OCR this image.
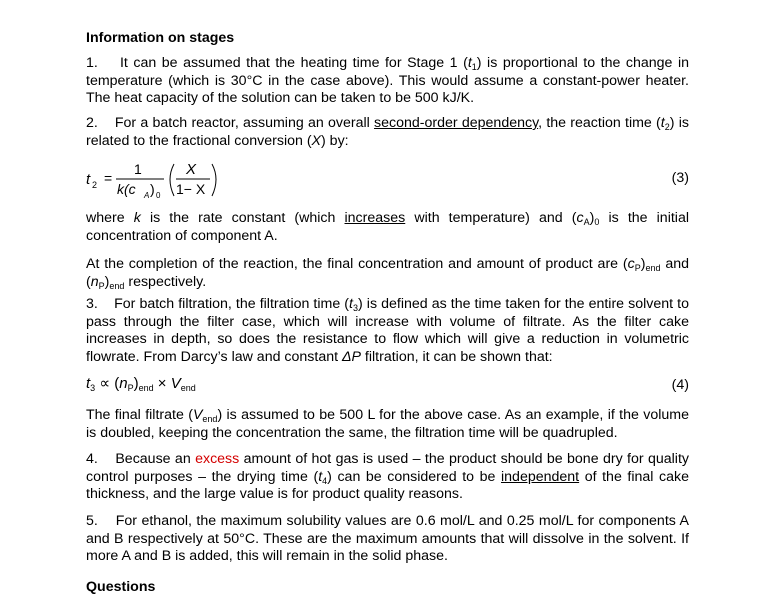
Information on stages

1. It can be assumed that the heating time for Stage 1 $(t_1)$ is proportional to the change in temperature (which is 30°C in the case above). This would assume a constant-power heater. The heat capacity of the solution can be taken to be 500 kJ/K.

2. For a batch reactor, assuming an overall second-order dependency, the reaction time $(t_2)$ is related to the fractional conversion (X) by:

t 2 =
1
k(c A ) 0
X
1− X
(3)

where k is the rate constant (which increases with temperature) and $(c_A)_0$ is the initial concentration of component A.

At the completion of the reaction, the final concentration and amount of product are $(c_P)_{end}$ and $(n_P)_{end}$ respectively.

3. For batch filtration, the filtration time $(t_3)$ is defined as the time taken for the entire solvent to pass through the filter case, which will increase with volume of filtrate. As the filter cake increases in depth, so does the resistance to flow which will give a reduction in volumetric flowrate. From Darcy’s law and constant ΔP filtration, it can be shown that:

$t_3 \propto (n_P)_{end} \times V_{end}$	(4)

The final filtrate $(V_{end})$ is assumed to be 500 L for the above case. As an example, if the volume is doubled, keeping the concentration the same, the filtration time will be quadrupled.

4. Because an excess amount of hot gas is used – the product should be bone dry for quality control purposes – the drying time $(t_4)$ can be considered to be independent of the final cake thickness, and the large value is for product quality reasons.

5. For ethanol, the maximum solubility values are 0.6 mol/L and 0.25 mol/L for components A and B respectively at 50°C. These are the maximum amounts that will dissolve in the solvent. If more A and B is added, this will remain in the solid phase.

Questions
